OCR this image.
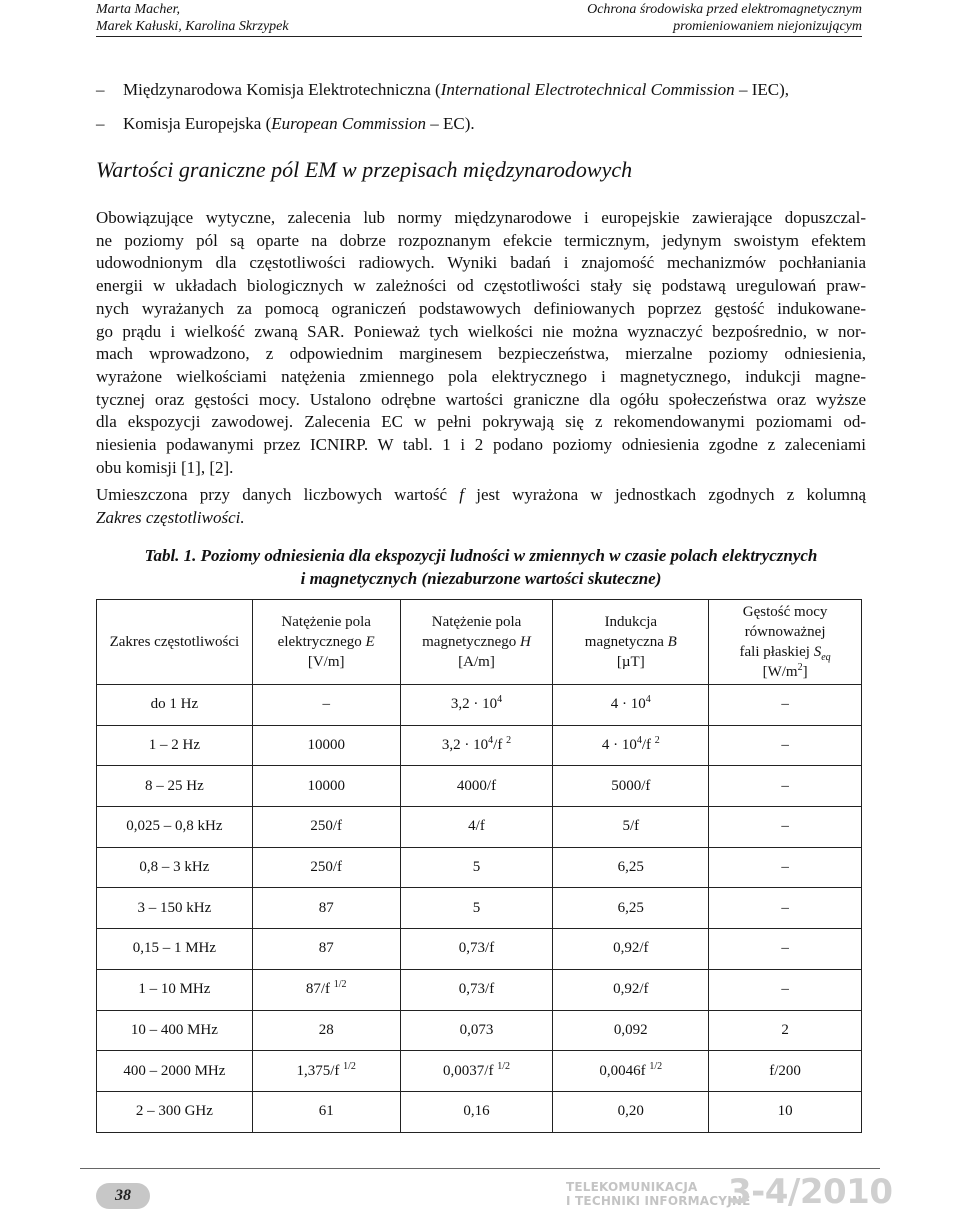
Marta Macher,
Marek Kałuski, Karolina Skrzypek
Ochrona środowiska przed elektromagnetycznym
promieniowaniem niejonizującym
– Międzynarodowa Komisja Elektrotechniczna (International Electrotechnical Commission – IEC),
– Komisja Europejska (European Commission – EC).
Wartości graniczne pól EM w przepisach międzynarodowych

Obowiązujące wytyczne, zalecenia lub normy międzynarodowe i europejskie zawierające dopuszczal-
ne poziomy pól są oparte na dobrze rozpoznanym efekcie termicznym, jedynym swoistym efektem
udowodnionym dla częstotliwości radiowych. Wyniki badań i znajomość mechanizmów pochłaniania
energii w układach biologicznych w zależności od częstotliwości stały się podstawą uregulowań praw-
nych wyrażanych za pomocą ograniczeń podstawowych definiowanych poprzez gęstość indukowane-
go prądu i wielkość zwaną SAR. Ponieważ tych wielkości nie można wyznaczyć bezpośrednio, w nor-
mach wprowadzono, z odpowiednim marginesem bezpieczeństwa, mierzalne poziomy odniesienia,
wyrażone wielkościami natężenia zmiennego pola elektrycznego i magnetycznego, indukcji magne-
tycznej oraz gęstości mocy. Ustalono odrębne wartości graniczne dla ogółu społeczeństwa oraz wyższe
dla ekspozycji zawodowej. Zalecenia EC w pełni pokrywają się z rekomendowanymi poziomami od-
niesienia podawanymi przez ICNIRP. W tabl. 1 i 2 podano poziomy odniesienia zgodne z zaleceniami
obu komisji [1], [2].

Umieszczona przy danych liczbowych wartość f jest wyrażona w jednostkach zgodnych z kolumną
Zakres częstotliwości.

Tabl. 1. Poziomy odniesienia dla ekspozycji ludności w zmiennych w czasie polach elektrycznych
i magnetycznych (niezaburzone wartości skuteczne)
Zakres częstotliwości	Natężenie pola
elektrycznego E
[V/m]	Natężenie pola
magnetycznego H
[A/m]	Indukcja
magnetyczna B
[µT]	Gęstość mocy
równoważnej
fali płaskiej $S_{eq}$
$[W/m^2]$
do 1 Hz	–	$3,2 \cdot 10^4$	$4 \cdot 10^4$	–
1 – 2 Hz	10000	$3,2 \cdot 10^4/f$ $^2$	$4 \cdot 10^4/f$ $^2$	–
8 – 25 Hz	10000	4000/f	5000/f	–
0,025 – 0,8 kHz	250/f	4/f	5/f	–
0,8 – 3 kHz	250/f	5	6,25	–
3 – 150 kHz	87	5	6,25	–
0,15 – 1 MHz	87	0,73/f	0,92/f	–
1 – 10 MHz	87/f $^{1/2}$	0,73/f	0,92/f	–
10 – 400 MHz	28	0,073	0,092	2
400 – 2000 MHz	1,375/f $^{1/2}$	0,0037/f $^{1/2}$	0,0046f $^{1/2}$	f/200
2 – 300 GHz	61	0,16	0,20	10
38	TELEKOMUNIKACJA
I TECHNIKI INFORMACYJNE
3-4/2010
